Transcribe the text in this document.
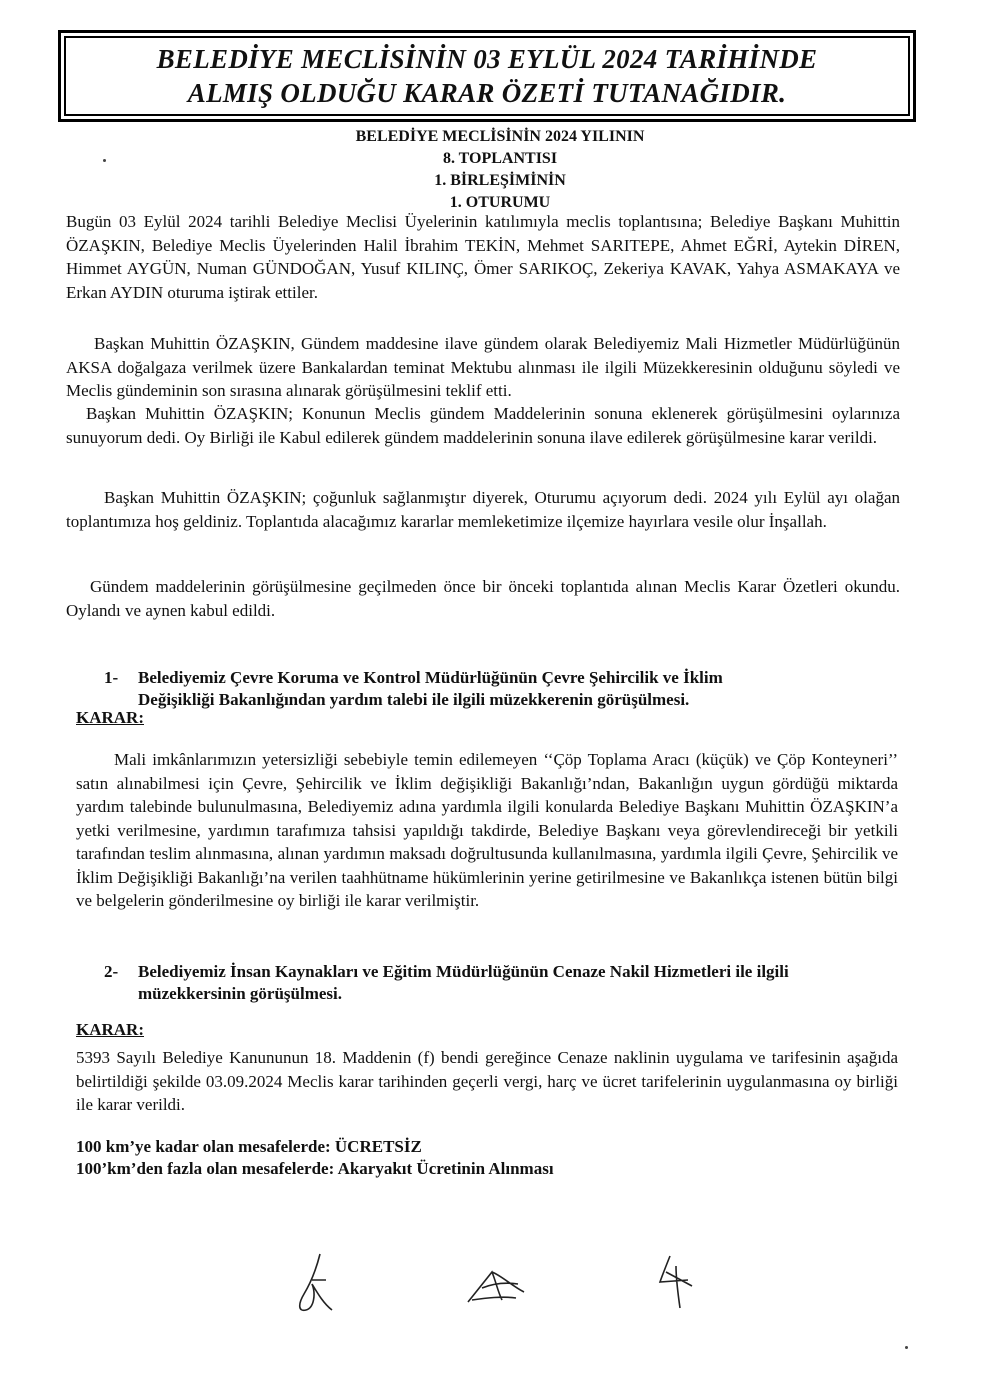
BELEDİYE MECLİSİNİN 03 EYLÜL 2024 TARİHİNDE
ALMIŞ OLDUĞU KARAR ÖZETİ TUTANAĞIDIR.
BELEDİYE MECLİSİNİN 2024 YILININ
8. TOPLANTISI
1. BİRLEŞİMİNİN
1. OTURUMU
Bugün 03 Eylül 2024 tarihli Belediye Meclisi Üyelerinin katılımıyla meclis toplantısına; Belediye Başkanı Muhittin ÖZAŞKIN, Belediye Meclis Üyelerinden Halil İbrahim TEKİN, Mehmet SARITEPE, Ahmet EĞRİ, Aytekin DİREN, Himmet AYGÜN, Numan GÜNDOĞAN, Yusuf KILINÇ, Ömer SARIKOÇ, Zekeriya KAVAK, Yahya ASMAKAYA ve Erkan AYDIN oturuma iştirak ettiler.
Başkan Muhittin ÖZAŞKIN, Gündem maddesine ilave gündem olarak Belediyemiz Mali Hizmetler Müdürlüğünün AKSA doğalgaza verilmek üzere Bankalardan teminat Mektubu alınması ile ilgili Müzekkeresinin olduğunu söyledi ve Meclis gündeminin son sırasına alınarak görüşülmesini teklif etti.
Başkan Muhittin ÖZAŞKIN; Konunun Meclis gündem Maddelerinin sonuna eklenerek görüşülmesini oylarınıza sunuyorum dedi. Oy Birliği ile Kabul edilerek gündem maddelerinin sonuna ilave edilerek görüşülmesine karar verildi.
Başkan Muhittin ÖZAŞKIN; çoğunluk sağlanmıştır diyerek, Oturumu açıyorum dedi. 2024 yılı Eylül ayı olağan toplantımıza hoş geldiniz. Toplantıda alacağımız kararlar memleketimize ilçemize hayırlara vesile olur İnşallah.
Gündem maddelerinin görüşülmesine geçilmeden önce bir önceki toplantıda alınan Meclis Karar Özetleri okundu. Oylandı ve aynen kabul edildi.
1- Belediyemiz Çevre Koruma ve Kontrol Müdürlüğünün Çevre Şehircilik ve İklim
Değişikliği Bakanlığından yardım talebi ile ilgili müzekkerenin görüşülmesi.
KARAR:
Mali imkânlarımızın yetersizliği sebebiyle temin edilemeyen ‘‘Çöp Toplama Aracı (küçük) ve Çöp Konteyneri’’ satın alınabilmesi için Çevre, Şehircilik ve İklim değişikliği Bakanlığı’ndan, Bakanlığın uygun gördüğü miktarda yardım talebinde bulunulmasına, Belediyemiz adına yardımla ilgili konularda Belediye Başkanı Muhittin ÖZAŞKIN’a yetki verilmesine, yardımın tarafımıza tahsisi yapıldığı takdirde, Belediye Başkanı veya görevlendireceği bir yetkili tarafından teslim alınmasına, alınan yardımın maksadı doğrultusunda kullanılmasına, yardımla ilgili Çevre, Şehircilik ve İklim Değişikliği Bakanlığı’na verilen taahhütname hükümlerinin yerine getirilmesine ve Bakanlıkça istenen bütün bilgi ve belgelerin gönderilmesine oy birliği ile karar verilmiştir.
2- Belediyemiz İnsan Kaynakları ve Eğitim Müdürlüğünün Cenaze Nakil Hizmetleri ile ilgili
müzekkersinin görüşülmesi.
KARAR:
5393 Sayılı Belediye Kanununun 18. Maddenin (f) bendi gereğince Cenaze naklinin uygulama ve tarifesinin aşağıda belirtildiği şekilde 03.09.2024 Meclis karar tarihinden geçerli vergi, harç ve ücret tarifelerinin uygulanmasına oy birliği ile karar verildi.
100 km’ye kadar olan mesafelerde: ÜCRETSİZ
100’km’den fazla olan mesafelerde: Akaryakıt Ücretinin Alınması
